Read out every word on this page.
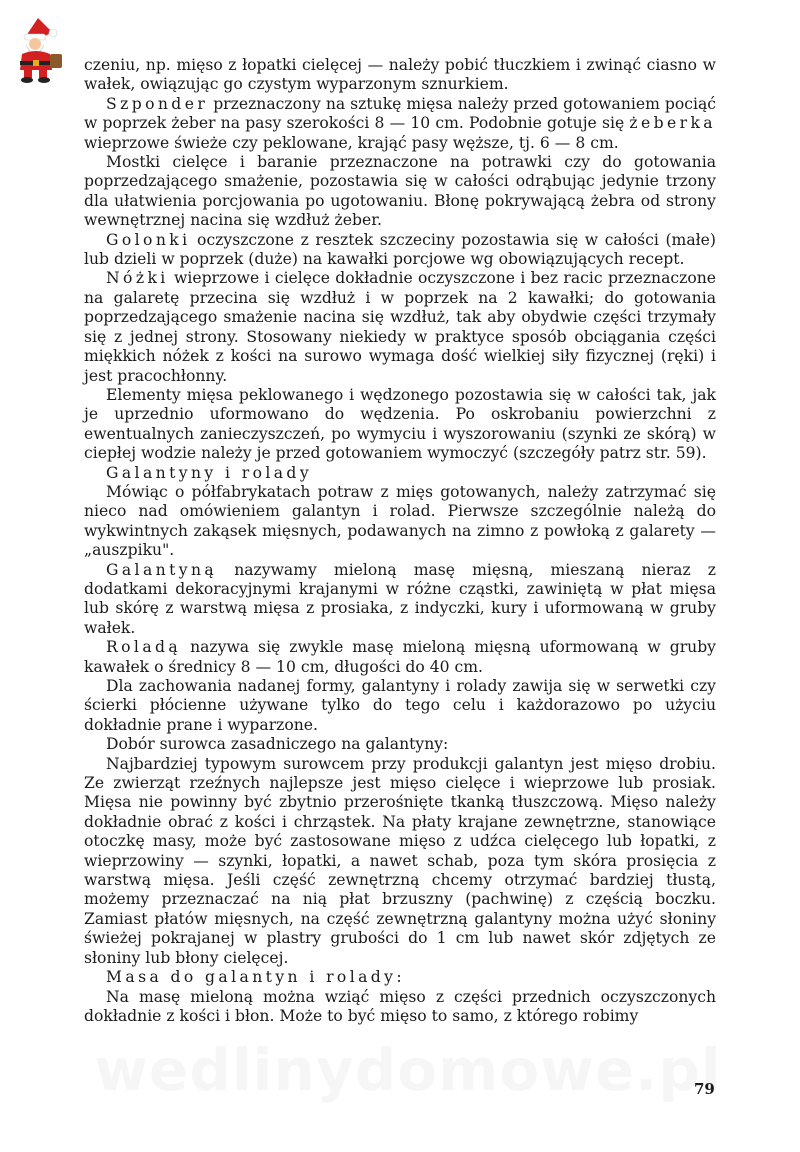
czeniu, np. mięso z łopatki cielęcej — należy pobić tłuczkiem i zwinąć ciasno w wałek, owiązując go czystym wyparzonym sznurkiem.

Szponder przeznaczony na sztukę mięsa należy przed gotowaniem pociąć w poprzek żeber na pasy szerokości 8 — 10 cm. Podobnie gotuje się żeberka wieprzowe świeże czy peklowane, krająć pasy węższe, tj. 6 — 8 cm.

Mostki cielęce i baranie przeznaczone na potrawki czy do gotowania poprzedzającego smażenie, pozostawia się w całości odrąbując jedynie trzony dla ułatwienia porcjowania po ugotowaniu. Błonę pokrywającą żebra od strony wewnętrznej nacina się wzdłuż żeber.

Golonki oczyszczone z resztek szczeciny pozostawia się w całości (małe) lub dzieli w poprzek (duże) na kawałki porcjowe wg obowiązujących recept.

Nóżki wieprzowe i cielęce dokładnie oczyszczone i bez racic przeznaczone na galaretę przecina się wzdłuż i w poprzek na 2 kawałki; do gotowania poprzedzającego smażenie nacina się wzdłuż, tak aby obydwie części trzymały się z jednej strony. Stosowany niekiedy w praktyce sposób obciągania części miękkich nóżek z kości na surowo wymaga dość wielkiej siły fizycznej (ręki) i jest pracochłonny.

Elementy mięsa peklowanego i wędzonego pozostawia się w całości tak, jak je uprzednio uformowano do wędzenia. Po oskrobaniu powierzchni z ewentualnych zanieczyszczeń, po wymyciu i wyszorowaniu (szynki ze skórą) w ciepłej wodzie należy je przed gotowaniem wymoczyć (szczegóły patrz str. 59).

Galantyny i rolady

Mówiąc o półfabrykatach potraw z mięs gotowanych, należy zatrzymać się nieco nad omówieniem galantyn i rolad. Pierwsze szczególnie należą do wykwintnych zakąsek mięsnych, podawanych na zimno z powłoką z galarety — „auszpiku".

Galantyną nazywamy mieloną masę mięsną, mieszaną nieraz z dodatkami dekoracyjnymi krajanymi w różne cząstki, zawiniętą w płat mięsa lub skórę z warstwą mięsa z prosiaka, z indyczki, kury i uformowaną w gruby wałek.

Roladą nazywa się zwykle masę mieloną mięsną uformowaną w gruby kawałek o średnicy 8 — 10 cm, długości do 40 cm.

Dla zachowania nadanej formy, galantyny i rolady zawija się w serwetki czy ścierki płócienne używane tylko do tego celu i każdorazowo po użyciu dokładnie prane i wyparzone.

Dobór surowca zasadniczego na galantyny:

Najbardziej typowym surowcem przy produkcji galantyn jest mięso drobiu. Ze zwierząt rzeźnych najlepsze jest mięso cielęce i wieprzowe lub prosiak. Mięsa nie powinny być zbytnio przerośnięte tkanką tłuszczową. Mięso należy dokładnie obrać z kości i chrząstek. Na płaty krajane zewnętrzne, stanowiące otoczkę masy, może być zastosowane mięso z udźca cielęcego lub łopatki, z wieprzowiny — szynki, łopatki, a nawet schab, poza tym skóra prosięcia z warstwą mięsa. Jeśli część zewnętrzną chcemy otrzymać bardziej tłustą, możemy przeznaczać na nią płat brzuszny (pachwinę) z częścią boczku. Zamiast płatów mięsnych, na część zewnętrzną galantyny można użyć słoniny świeżej pokrajanej w plastry grubości do 1 cm lub nawet skór zdjętych ze słoniny lub błony cielęcej.

Masa do galantyn i rolady:

Na masę mieloną można wziąć mięso z części przednich oczyszczonych dokładnie z kości i błon. Może to być mięso to samo, z którego robimy

79
